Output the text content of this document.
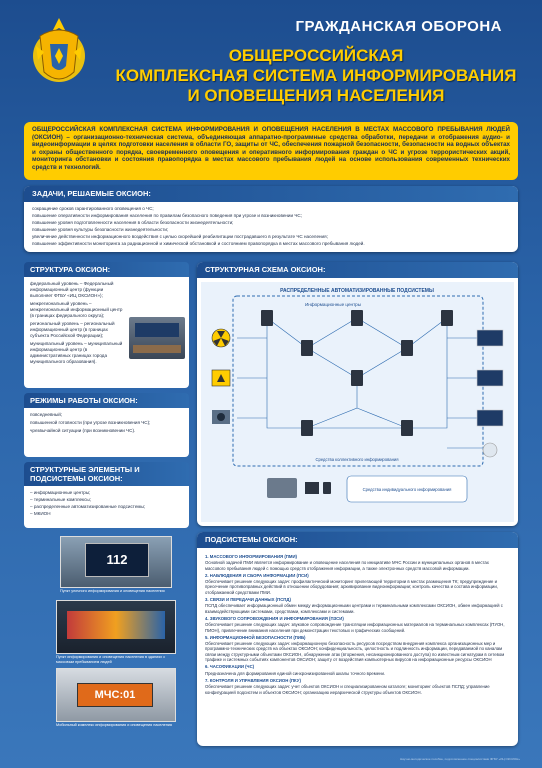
ГРАЖДАНСКАЯ ОБОРОНА
ОБЩЕРОССИЙСКАЯ
КОМПЛЕКСНАЯ СИСТЕМА ИНФОРМИРОВАНИЯ
И ОПОВЕЩЕНИЯ НАСЕЛЕНИЯ
ОБЩЕРОССИЙСКАЯ КОМПЛЕКСНАЯ СИСТЕМА ИНФОРМИРОВАНИЯ И ОПОВЕЩЕНИЯ НАСЕЛЕНИЯ В МЕСТАХ МАССОВОГО ПРЕБЫВАНИЯ ЛЮДЕЙ (ОКСИОН) – организационно-техническая система, объединяющая аппаратно-программные средства обработки, передачи и отображения аудио- и видеоинформации в целях подготовки населения в области ГО, защиты от ЧС, обеспечения пожарной безопасности, безопасности на водных объектах и охраны общественного порядка, своевременного оповещения и оперативного информирования граждан о ЧС и угрозе террористических акций, мониторинга обстановки и состояния правопорядка в местах массового пребывания людей на основе использования современных технических средств и технологий.
ЗАДАЧИ, РЕШАЕМЫЕ ОКСИОН:

сокращение сроков гарантированного оповещения о ЧС;

повышение оперативности информирования населения по правилам безопасного поведения при угрозе и возникновении ЧС;

повышение уровня подготовленности населения в области безопасности жизнедеятельности;

повышение уровня культуры безопасности жизнедеятельности;

увеличение действенности информационного воздействия с целью скорейшей реабилитации пострадавшего в результате ЧС населения;

повышение эффективности мониторинга за радиационной и химической обстановкой и состоянием правопорядка в местах массового пребывания людей.

СТРУКТУРА ОКСИОН:

федеральный уровень – Федеральный информационный центр (функции выполняет ФГБУ «ИЦ ОКСИОН»);

межрегиональный уровень – межрегиональный информационный центр (в границах федерального округа);

региональный уровень – региональный информационный центр (в границах субъекта Российской Федерации);

муниципальный уровень – муниципальный информационный центр (в административных границах города муниципального образования).

РЕЖИМЫ РАБОТЫ ОКСИОН:

повседневный;

повышенной готовности (при угрозе возникновения ЧС);

чрезвычайной ситуации (при возникновении ЧС).

СТРУКТУРНЫЕ ЭЛЕМЕНТЫ И ПОДСИСТЕМЫ ОКСИОН:

– информационные центры;

– терминальные комплексы;

– распределенные автоматизированные подсистемы;

– МКИОН

СТРУКТУРНАЯ СХЕМА ОКСИОН:
РАСПРЕДЕЛЕННЫЕ АВТОМАТИЗИРОВАННЫЕ ПОДСИСТЕМЫ
Информационные центры
Средства коллективного информирования
Средства индивидуального информирования
112
Пункт уличного информирования и оповещения населения
Пункт информирования и оповещения населения в зданиях с массовым пребыванием людей
МЧС:01
Мобильный комплекс информирования и оповещения населения
ПОДСИСТЕМЫ ОКСИОН:

1. МАССОВОГО ИНФОРМИРОВАНИЯ (ПМИ)

Основной задачей ПМИ является информирование и оповещение населения по инициативе МЧС России и муниципальных органов в местах массового пребывания людей с помощью средств отображения информации, а также электронных средств массовой информации.

2. НАБЛЮДЕНИЯ И СБОРА ИНФОРМАЦИИ (ПСИ)

Обеспечивает решение следующих задач: профилактический мониторинг прилегающей территории в местах размещения ТК; предупреждение и пресечение противоправных действий в отношении оборудования; архивирование видеоинформации; контроль качества и состава информации, отображаемой средствами ПМИ.

3. СВЯЗИ И ПЕРЕДАЧИ ДАННЫХ (ПСПД)

ПСПД обеспечивает информационный обмен между информационными центрами и терминальными комплексами ОКСИОН, обмен информацией с взаимодействующими системами, средствами, комплексами и системами.

4. ЗВУКОВОГО СОПРОВОЖДЕНИЯ И ИНФОРМИРОВАНИЯ (ПЗСИ)

Обеспечивает решение следующих задач: звуковое сопровождение трансляции информационных материалов на терминальных комплексах (ПУОН, ПИОН), привлечение внимания населения при демонстрации текстовых и графических сообщений.

5. ИНФОРМАЦИОННОЙ БЕЗОПАСНОСТИ (ПИБ)

Обеспечивает решение следующих задач: информационную безопасность ресурсов посредством внедрения комплекса организационных мер и программно-технических средств на объектах ОКСИОН; конфиденциальность, целостность и подлинность информации, передаваемой по каналам связи между структурными объектами ОКСИОН, обнаружение атак (вторжения, несанкционированного доступа) по известным сигнатурам в сетевом трафике и системных событиях компонентов ОКСИОН; защиту от воздействия компьютерных вирусов на информационные ресурсы ОКСИОН

6. ЧАСОФИКАЦИИ (ЧС)

Предназначена для формирования единой синхронизированной шкалы точного времени.

7. КОНТРОЛЯ И УПРАВЛЕНИЯ ОКСИОН (ПКУ)

Обеспечивает решение следующих задач: учет объектов ОКСИОН и специализированном каталоге; мониторинг объектов ПСПД; управление конфигурацией подсистем и объектов ОКСИОН; организацию иерархической структуры объектов ОКСИОН.

Научно-методическое пособие, подготовленное специалистами ФГБУ «ИЦ ОКСИОН»
